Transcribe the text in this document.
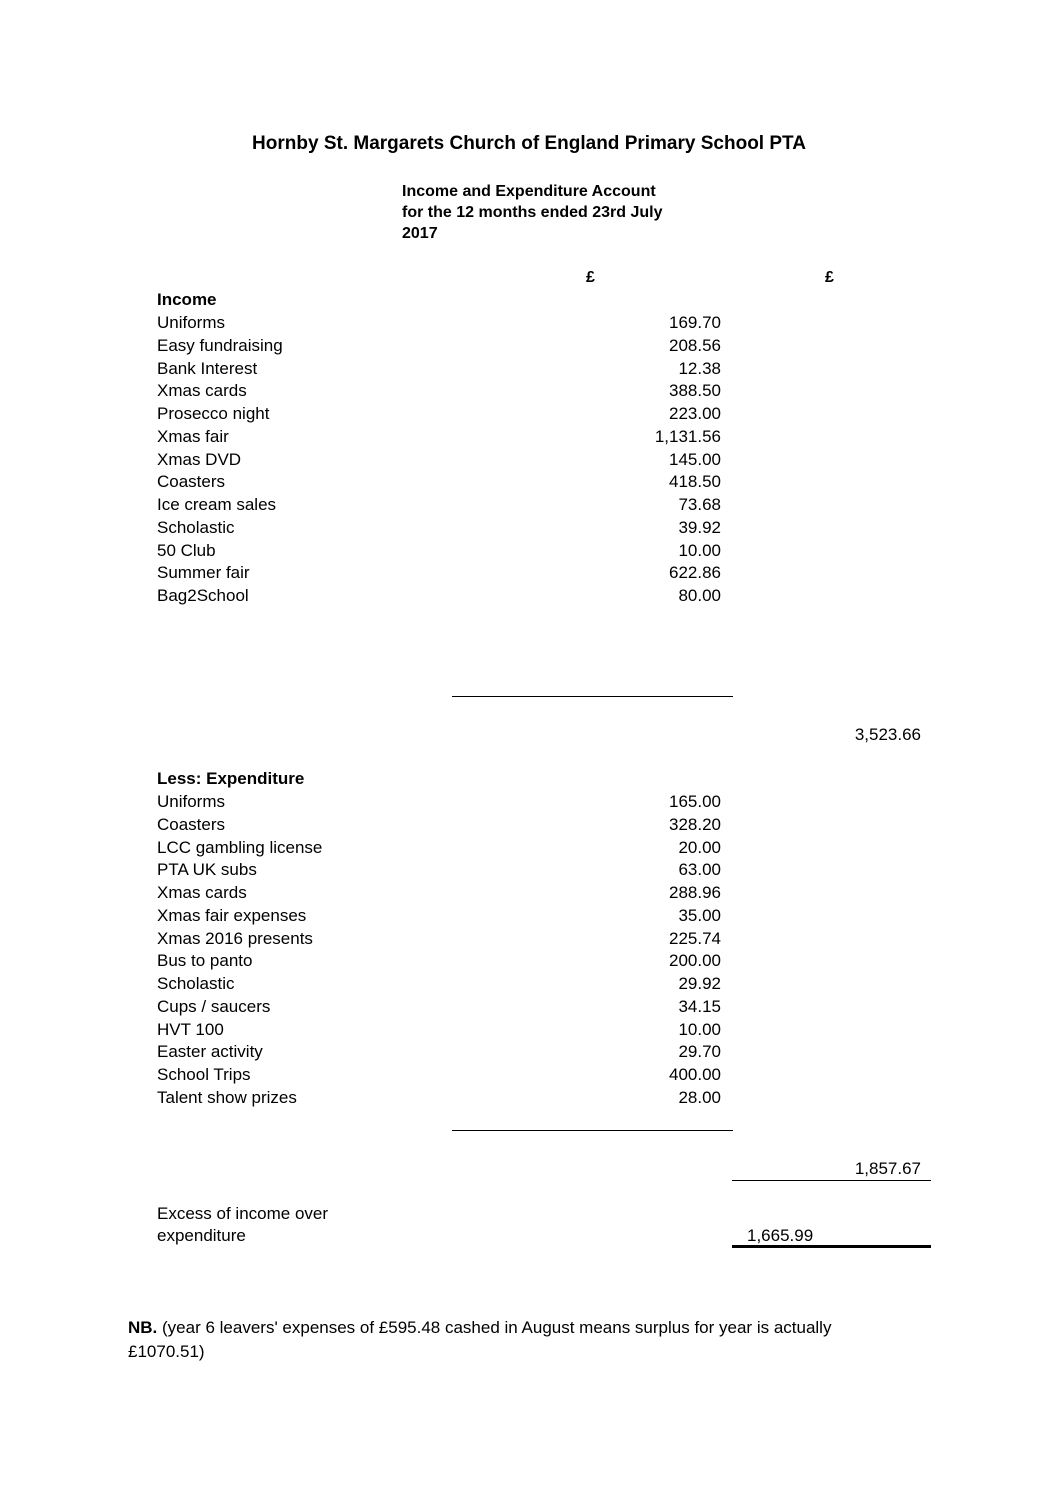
Hornby St. Margarets Church of England Primary School PTA
Income and Expenditure Account
for the 12 months ended 23rd July
2017
£	£
Income
Uniforms	169.70
Easy fundraising	208.56
Bank Interest	12.38
Xmas cards	388.50
Prosecco night	223.00
Xmas fair	1,131.56
Xmas DVD	145.00
Coasters	418.50
Ice cream sales	73.68
Scholastic	39.92
50 Club	10.00
Summer fair	622.86
Bag2School	80.00
3,523.66
Less: Expenditure
Uniforms	165.00
Coasters	328.20
LCC gambling license	20.00
PTA UK subs	63.00
Xmas cards	288.96
Xmas fair expenses	35.00
Xmas 2016 presents	225.74
Bus to panto	200.00
Scholastic	29.92
Cups / saucers	34.15
HVT 100	10.00
Easter activity	29.70
School Trips	400.00
Talent show prizes	28.00
1,857.67
Excess of income over
expenditure	1,665.99
NB. (year 6 leavers' expenses of £595.48 cashed in August means surplus for year is actually £1070.51)
